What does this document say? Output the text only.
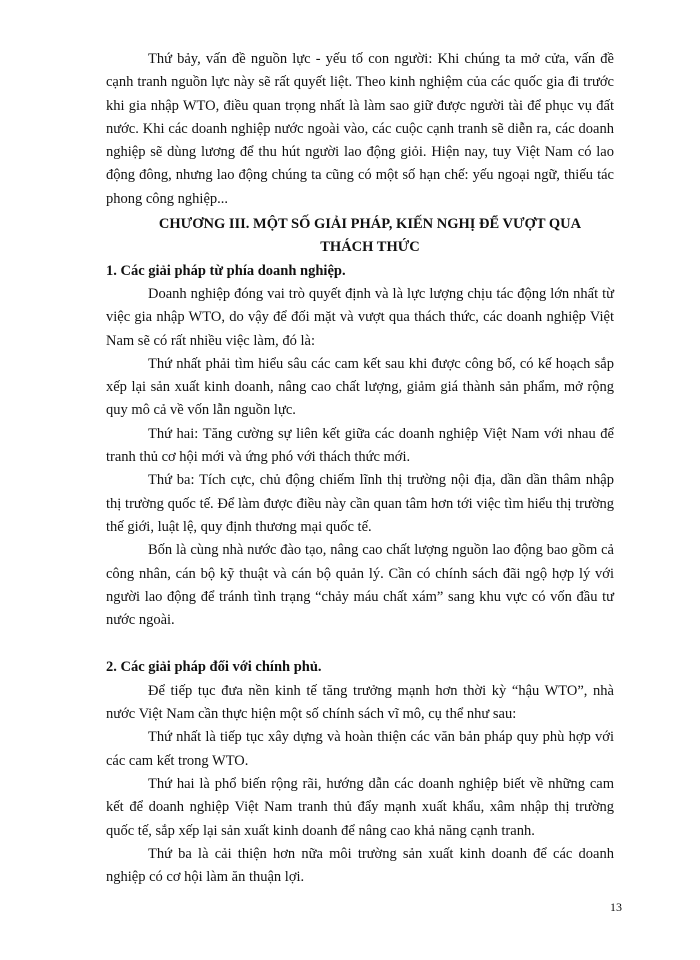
Thứ bảy, vấn đề nguồn lực - yếu tố con người: Khi chúng ta mở cửa, vấn đề cạnh tranh nguồn lực này sẽ rất quyết liệt. Theo kinh nghiệm của các quốc gia đi trước khi gia nhập WTO, điều quan trọng nhất là làm sao giữ được người tài để phục vụ đất nước. Khi các doanh nghiệp nước ngoài vào, các cuộc cạnh tranh sẽ diễn ra, các doanh nghiệp sẽ dùng lương để thu hút người lao động giỏi. Hiện nay, tuy Việt Nam có lao động đông, nhưng lao động chúng ta cũng có một số hạn chế: yếu ngoại ngữ, thiếu tác phong công nghiệp...

CHƯƠNG III. MỘT SỐ GIẢI PHÁP, KIẾN NGHỊ ĐỂ VƯỢT QUA THÁCH THỨC

1. Các giải pháp từ phía doanh nghiệp.

Doanh nghiệp đóng vai trò quyết định và là lực lượng chịu tác động lớn nhất từ việc gia nhập WTO, do vậy để đối mặt và vượt qua thách thức, các doanh nghiệp Việt Nam sẽ có rất nhiều việc làm, đó là:

Thứ nhất phải tìm hiểu sâu các cam kết sau khi được công bố, có kế hoạch sắp xếp lại sản xuất kinh doanh, nâng cao chất lượng, giảm giá thành sản phẩm, mở rộng quy mô cả về vốn lẫn nguồn lực.

Thứ hai: Tăng cường sự liên kết giữa các doanh nghiệp Việt Nam với nhau để tranh thủ cơ hội mới và ứng phó với thách thức mới.

Thứ ba: Tích cực, chủ động chiếm lĩnh thị trường nội địa, dần dần thâm nhập thị trường quốc tế. Để làm được điều này cần quan tâm hơn tới việc tìm hiểu thị trường thế giới, luật lệ, quy định thương mại quốc tế.

Bốn là cùng nhà nước đào tạo, nâng cao chất lượng nguồn lao động bao gồm cả công nhân, cán bộ kỹ thuật và cán bộ quản lý. Cần có chính sách đãi ngộ hợp lý với người lao động để tránh tình trạng “chảy máu chất xám” sang khu vực có vốn đầu tư nước ngoài.

2. Các giải pháp đối với chính phủ.

Để tiếp tục đưa nền kinh tế tăng trưởng mạnh hơn thời kỳ “hậu WTO”, nhà nước Việt Nam cần thực hiện một số chính sách vĩ mô, cụ thể như sau:

Thứ nhất là tiếp tục xây dựng và hoàn thiện các văn bản pháp quy phù hợp với các cam kết trong WTO.

Thứ hai là phổ biến rộng rãi, hướng dẫn các doanh nghiệp biết về những cam kết để doanh nghiệp Việt Nam tranh thủ đẩy mạnh xuất khẩu, xâm nhập thị trường quốc tế, sắp xếp lại sản xuất kinh doanh để nâng cao khả năng cạnh tranh.

Thứ ba là cải thiện hơn nữa môi trường sản xuất kinh doanh để các doanh nghiệp có cơ hội làm ăn thuận lợi.

13
